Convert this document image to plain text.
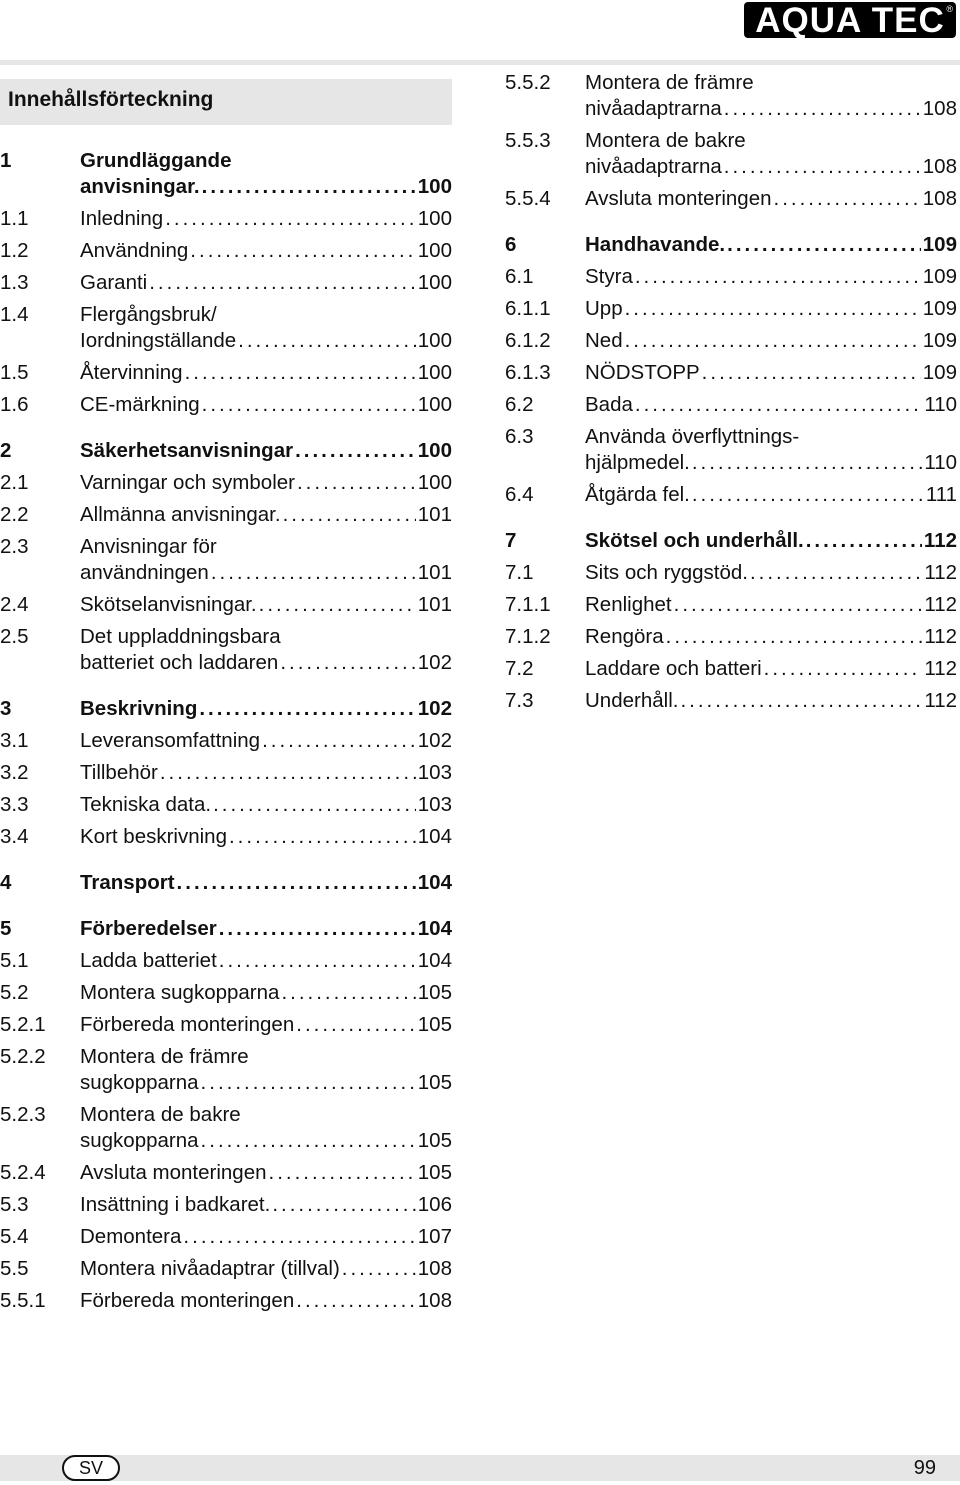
AQUA TEC ®
Innehållsförteckning
1	Grundläggande
anvisningar. .....	100
1.1	Inledning .....	100
1.2	Användning .....	100
1.3	Garanti .....	100
1.4	Flergångsbruk/
Iordningställande .....	100
1.5	Återvinning .....	100
1.6	CE-märkning .....	100
2	Säkerhetsanvisningar .....	100
2.1	Varningar och symboler .....	100
2.2	Allmänna anvisningar. .....	101
2.3	Anvisningar för
användningen .....	101
2.4	Skötselanvisningar. .....	101
2.5	Det uppladdningsbara
batteriet och laddaren .....	102
3	Beskrivning .....	102
3.1	Leveransomfattning .....	102
3.2	Tillbehör .....	103
3.3	Tekniska data. .....	103
3.4	Kort beskrivning .....	104
4	Transport .....	104
5	Förberedelser .....	104
5.1	Ladda batteriet .....	104
5.2	Montera sugkopparna .....	105
5.2.1 Förbereda monteringen .....	105
5.2.2 Montera de främre
sugkopparna .....	105
5.2.3 Montera de bakre
sugkopparna .....	105
5.2.4 Avsluta monteringen .....	105
5.3	Insättning i badkaret. .....	106
5.4	Demontera .....	107
5.5	Montera nivåadaptrar (tillval) .....	108
5.5.1 Förbereda monteringen .....	108
5.5.2 Montera de främre
nivåadaptrarna .....	108
5.5.3 Montera de bakre
nivåadaptrarna .....	108
5.5.4 Avsluta monteringen .....	108
6	Handhavande. .....	109
6.1	Styra .....	109
6.1.1 Upp .....	109
6.1.2 Ned .....	109
6.1.3 NÖDSTOPP .....	109
6.2	Bada .....	110
6.3	Använda överflyttnings-
hjälpmedel. .....	110
6.4	Åtgärda fel. .....	111
7	Skötsel och underhåll. .....	112
7.1	Sits och ryggstöd. .....	112
7.1.1 Renlighet .....	112
7.1.2 Rengöra .....	112
7.2	Laddare och batteri .....	112
7.3	Underhåll. .....	112
SV	99
